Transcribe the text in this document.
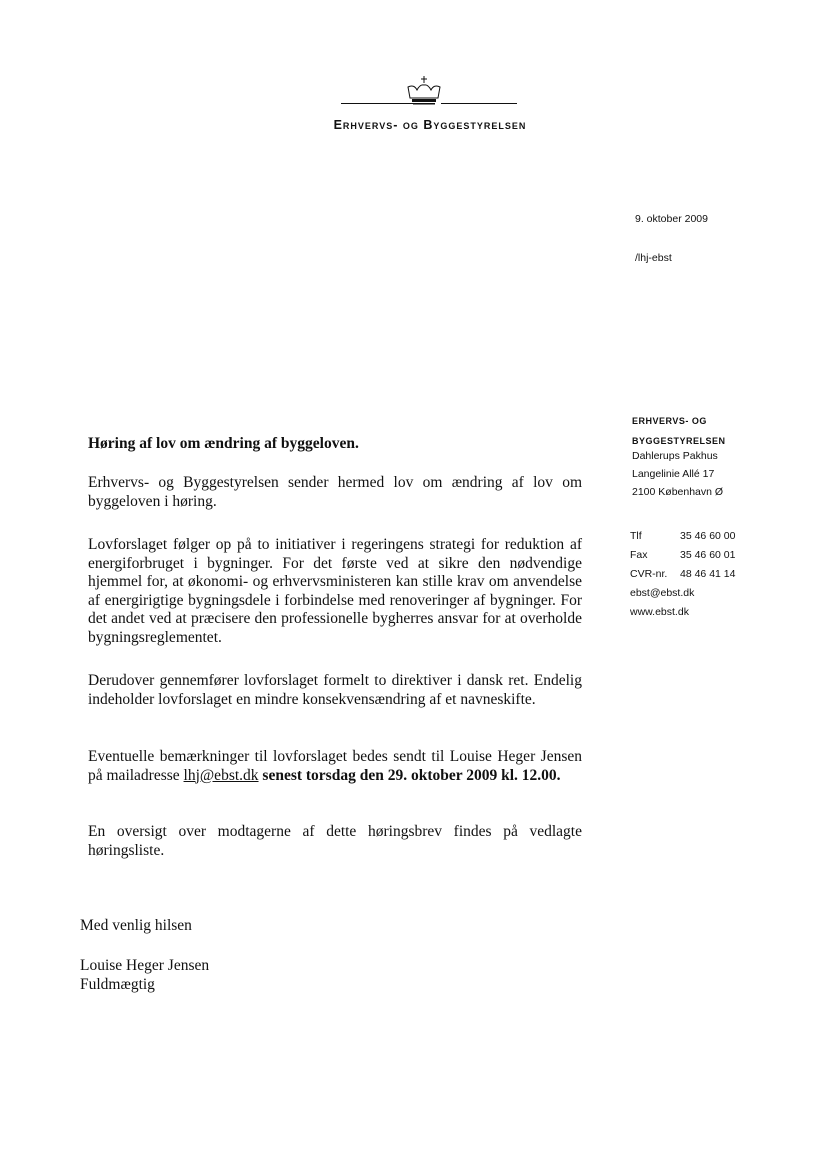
Erhvervs- og Byggestyrelsen
9. oktober 2009
/lhj-ebst
ERHVERVS- OG
BYGGESTYRELSEN
Dahlerups Pakhus
Langelinie Allé 17
2100 København Ø
Tlf	35 46 60 00
Fax	35 46 60 01
CVR-nr.	48 46 41 14
ebst@ebst.dk
www.ebst.dk
Høring af lov om ændring af byggeloven.
Erhvervs- og Byggestyrelsen sender hermed lov om ændring af lov om byggeloven i høring.
Lovforslaget følger op på to initiativer i regeringens strategi for reduktion af energiforbruget i bygninger. For det første ved at sikre den nødvendige hjemmel for, at økonomi- og erhvervsministeren kan stille krav om anvendelse af energirigtige bygningsdele i forbindelse med renoveringer af bygninger. For det andet ved at præcisere den professionelle bygherres ansvar for at overholde bygningsreglementet.
Derudover gennemfører lovforslaget formelt to direktiver i dansk ret. Endelig indeholder lovforslaget en mindre konsekvensændring af et navneskifte.
Eventuelle bemærkninger til lovforslaget bedes sendt til Louise Heger Jensen på mailadresse lhj@ebst.dk senest torsdag den 29. oktober 2009 kl. 12.00.
En oversigt over modtagerne af dette høringsbrev findes på vedlagte høringsliste.
Med venlig hilsen
Louise Heger Jensen
Fuldmægtig
